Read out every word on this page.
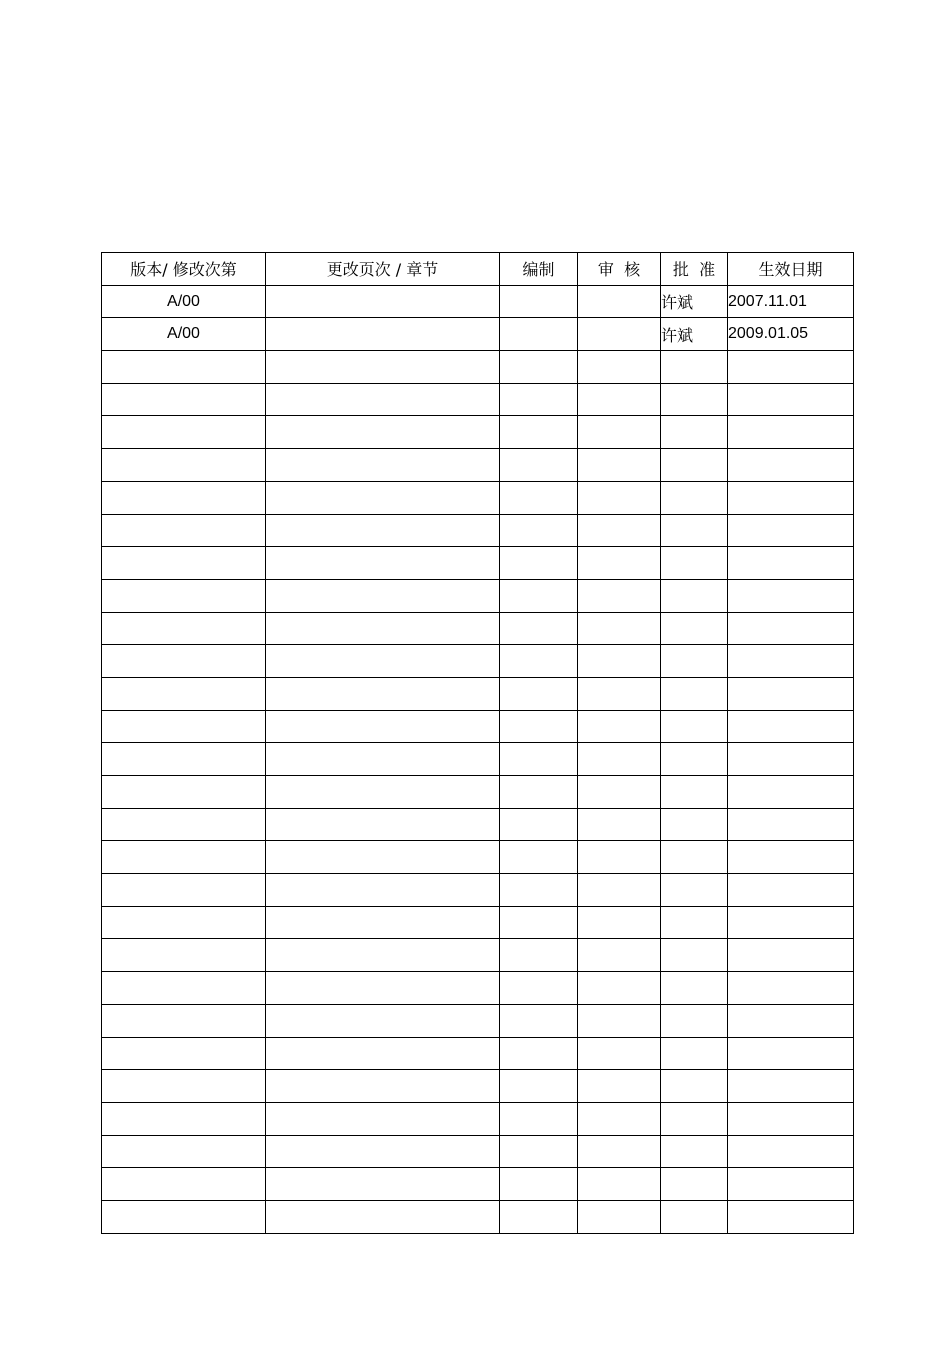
版本/ 修改次第	更改页次 / 章节	编制	审  核	批  准	生效日期
A/00				许斌	2007.11.01
A/00				许斌	2009.01.05
